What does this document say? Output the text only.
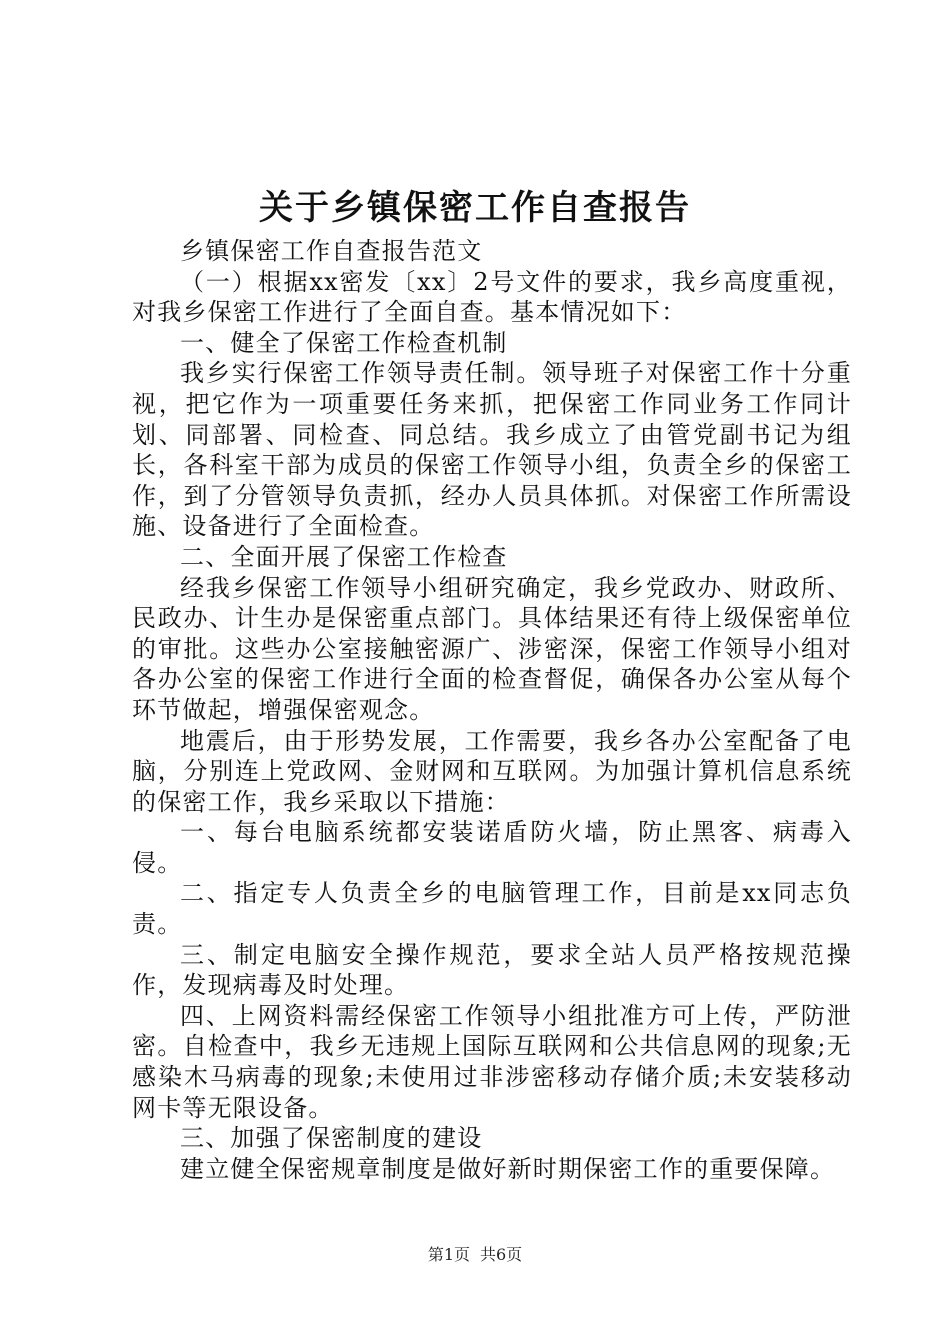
关于乡镇保密工作自查报告

乡镇保密工作自查报告范文

（一）根据xx密发〔xx〕2号文件的要求，我乡高度重视，对我乡保密工作进行了全面自查。基本情况如下：

一、健全了保密工作检查机制

我乡实行保密工作领导责任制。领导班子对保密工作十分重视，把它作为一项重要任务来抓，把保密工作同业务工作同计划、同部署、同检查、同总结。我乡成立了由管党副书记为组长，各科室干部为成员的保密工作领导小组，负责全乡的保密工作，到了分管领导负责抓，经办人员具体抓。对保密工作所需设施、设备进行了全面检查。

二、全面开展了保密工作检查

经我乡保密工作领导小组研究确定，我乡党政办、财政所、民政办、计生办是保密重点部门。具体结果还有待上级保密单位的审批。这些办公室接触密源广、涉密深，保密工作领导小组对各办公室的保密工作进行全面的检查督促，确保各办公室从每个环节做起，增强保密观念。

地震后，由于形势发展，工作需要，我乡各办公室配备了电脑，分别连上党政网、金财网和互联网。为加强计算机信息系统的保密工作，我乡采取以下措施：

一、每台电脑系统都安装诺盾防火墙，防止黑客、病毒入侵。

二、指定专人负责全乡的电脑管理工作，目前是xx同志负责。

三、制定电脑安全操作规范，要求全站人员严格按规范操作，发现病毒及时处理。

四、上网资料需经保密工作领导小组批准方可上传，严防泄密。自检查中，我乡无违规上国际互联网和公共信息网的现象;无感染木马病毒的现象;未使用过非涉密移动存储介质;未安装移动网卡等无限设备。

三、加强了保密制度的建设

建立健全保密规章制度是做好新时期保密工作的重要保障。

第1页 共6页
